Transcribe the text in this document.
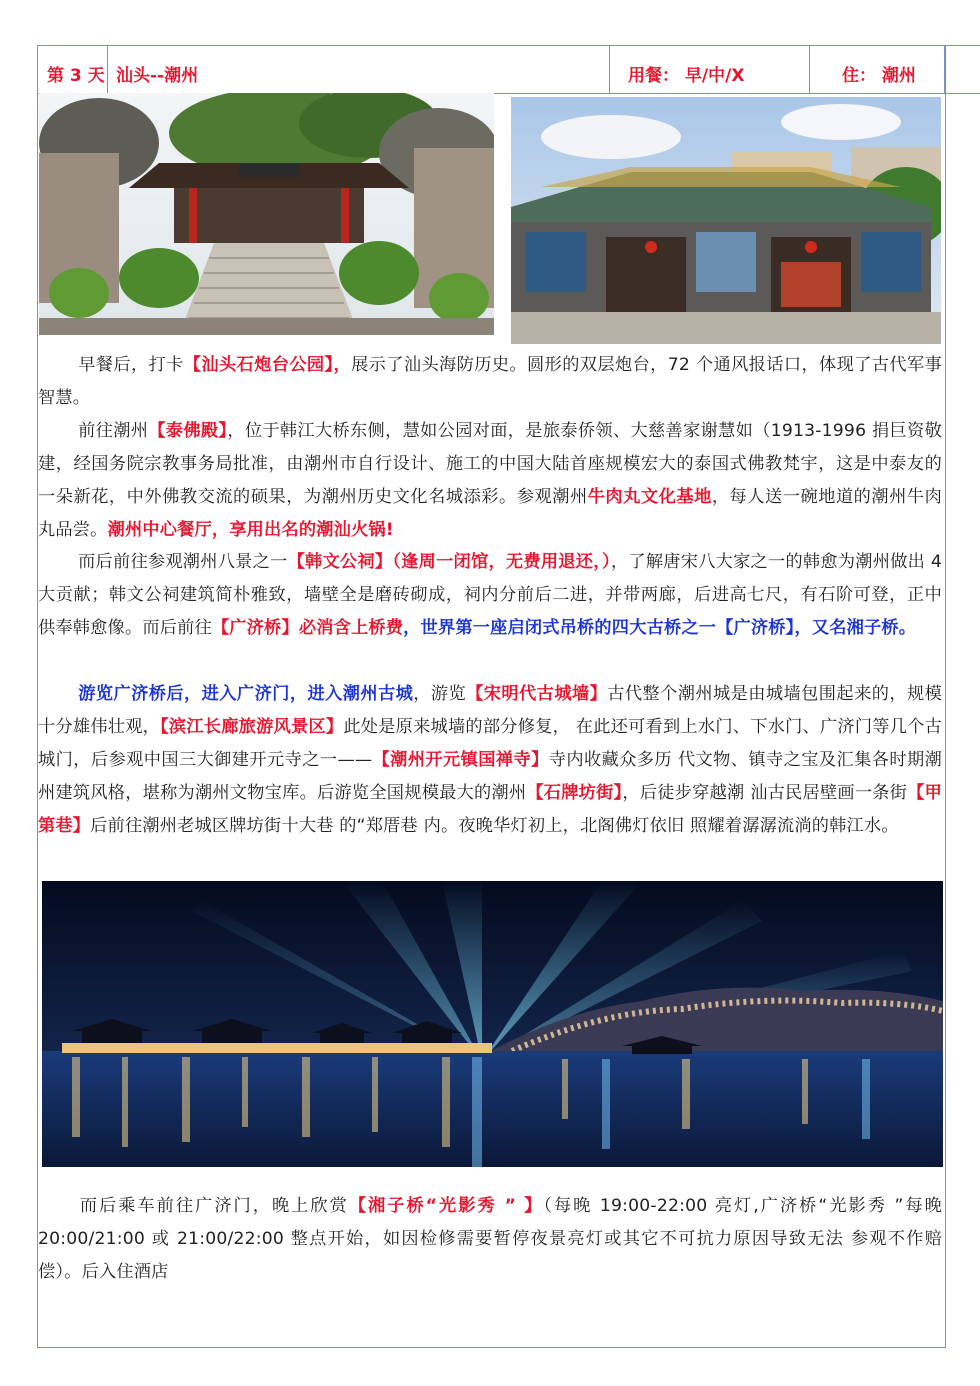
第 3 天 汕头--潮州	用餐： 早/中/X	住： 潮州

早餐后，打卡【汕头石炮台公园】，展示了汕头海防历史。圆形的双层炮台，72 个通风报话口，体现了古代军事智慧。

前往潮州【泰佛殿】，位于韩江大桥东侧，慧如公园对面，是旅泰侨领、大慈善家谢慧如（1913-1996 捐巨资敬建，经国务院宗教事务局批准，由潮州市自行设计、施工的中国大陆首座规模宏大的泰国式佛教梵宇，这是中泰友的一朵新花，中外佛教交流的硕果，为潮州历史文化名城添彩。参观潮州牛肉丸文化基地，每人送一碗地道的潮州牛肉丸品尝。潮州中心餐厅，享用出名的潮汕火锅!

而后前往参观潮州八景之一【韩文公祠】（逢周一闭馆，无费用退还，），了解唐宋八大家之一的韩愈为潮州做出 4 大贡献；韩文公祠建筑简朴雅致，墙壁全是磨砖砌成，祠内分前后二进，并带两廊，后进高七尺，有石阶可登，正中供奉韩愈像。而后前往【广济桥】必消含上桥费，世界第一座启闭式吊桥的四大古桥之一【广济桥】，又名湘子桥。

游览广济桥后，进入广济门，进入潮州古城，游览【宋明代古城墙】古代整个潮州城是由城墙包围起来的，规模十分雄伟壮观，【滨江长廊旅游风景区】此处是原来城墙的部分修复， 在此还可看到上水门、下水门、广济门等几个古城门，后参观中国三大御建开元寺之一——【潮州开元镇国禅寺】寺内收藏众多历 代文物、镇寺之宝及汇集各时期潮州建筑风格，堪称为潮州文物宝库。后游览全国规模最大的潮州【石牌坊街】，后徒步穿越潮 汕古民居壁画一条街【甲第巷】后前往潮州老城区牌坊街十大巷 的“郑厝巷 内。夜晚华灯初上，北阁佛灯依旧 照耀着潺潺流淌的韩江水。

而后乘车前往广济门，晚上欣赏【湘子桥“光影秀 ” 】（每晚 19:00-22:00 亮灯,广济桥“光影秀 ”每晚 20:00/21:00 或 21:00/22:00 整点开始，如因检修需要暂停夜景亮灯或其它不可抗力原因导致无法 参观不作赔偿）。后入住酒店
